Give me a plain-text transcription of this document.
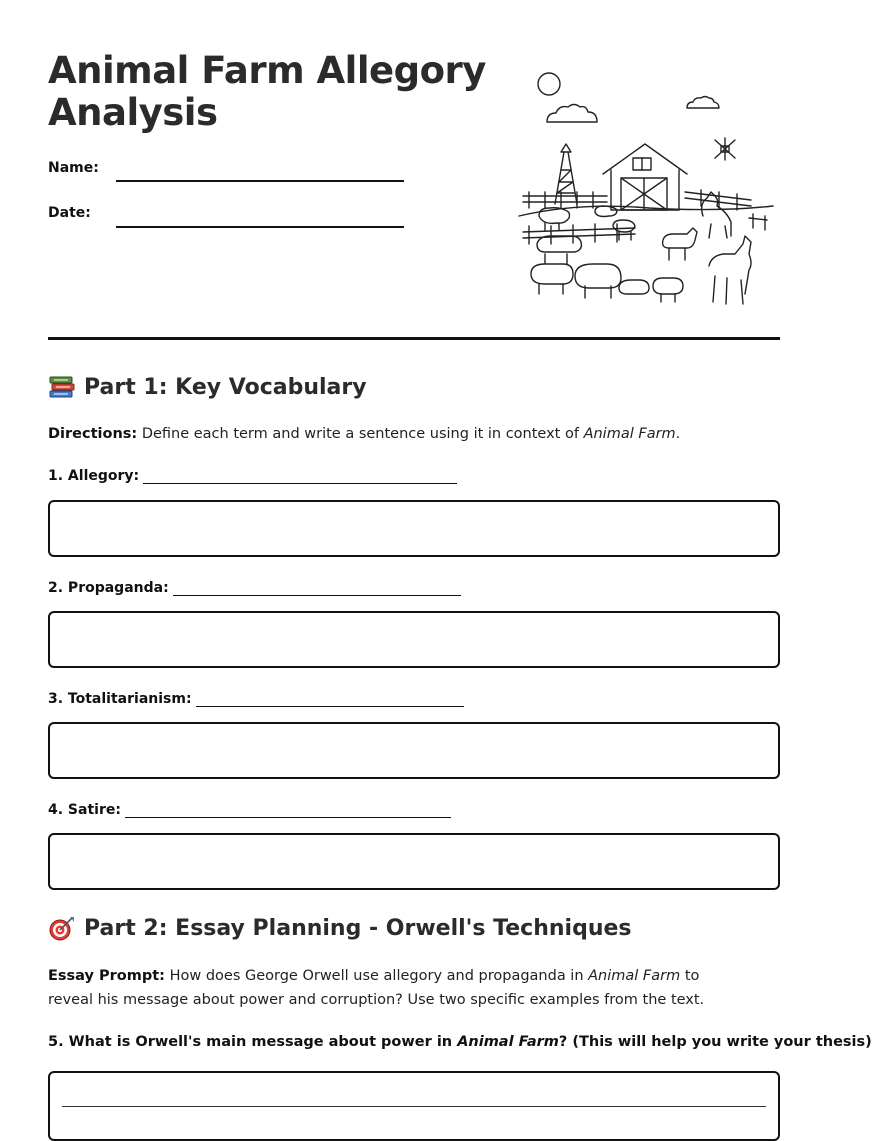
Animal Farm Allegory Analysis
Name:
Date:
Part 1: Key Vocabulary
Directions: Define each term and write a sentence using it in context of Animal Farm.
1. Allegory:
2. Propaganda:
3. Totalitarianism:
4. Satire:
Part 2: Essay Planning - Orwell's Techniques
Essay Prompt: How does George Orwell use allegory and propaganda in Animal Farm to reveal his message about power and corruption? Use two specific examples from the text.
5. What is Orwell's main message about power in Animal Farm? (This will help you write your thesis)
